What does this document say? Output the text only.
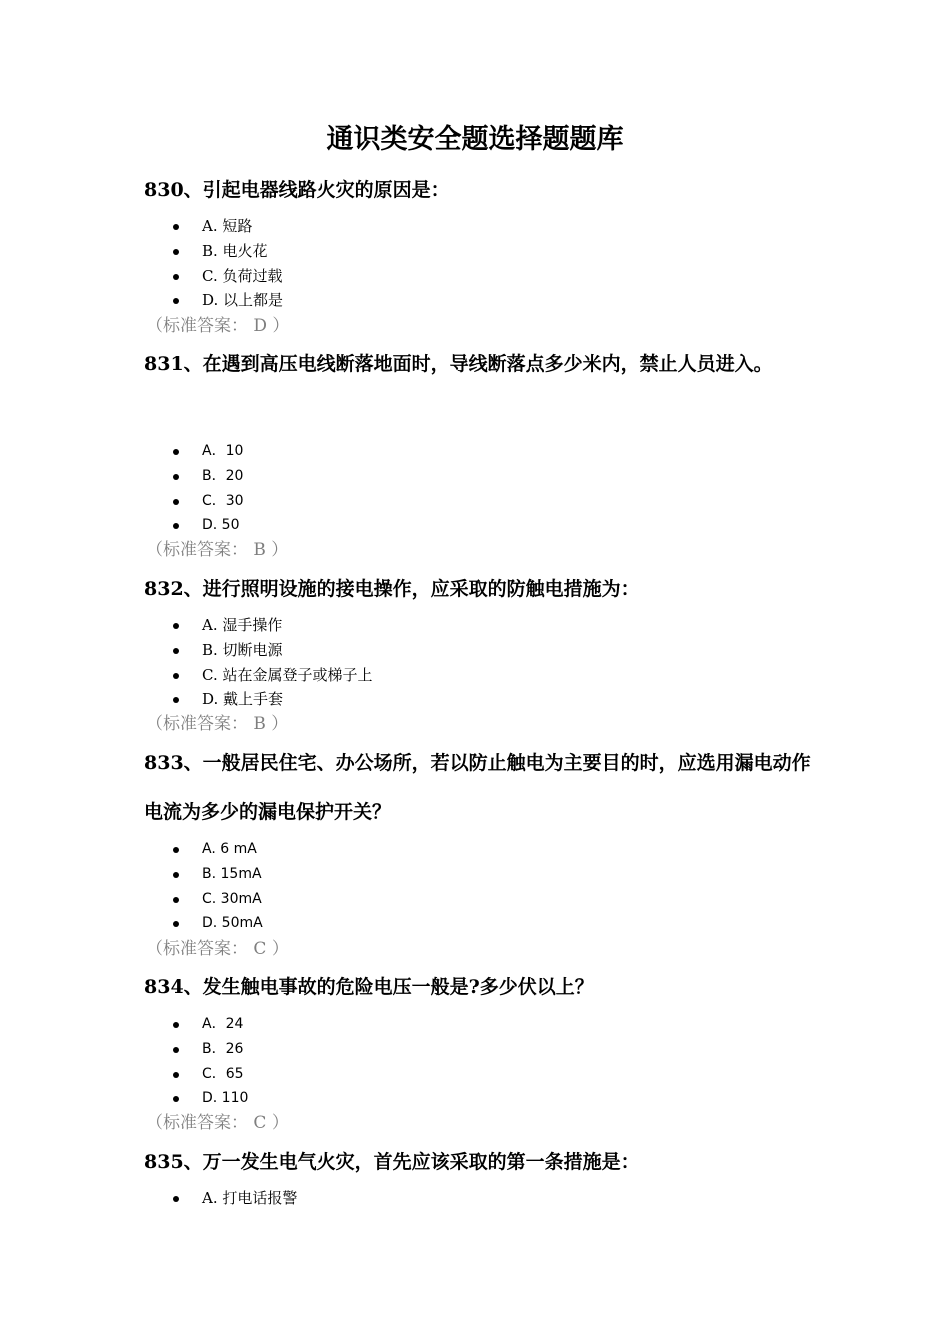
通识类安全题选择题题库
830、引起电器线路火灾的原因是：
A. 短路
B. 电火花
C. 负荷过载
D. 以上都是
（标准答案： D ）
831、在遇到高压电线断落地面时，导线断落点多少米内，禁止人员进入。
A．10
B．20
C．30
D. 50
（标准答案： B ）
832、进行照明设施的接电操作，应采取的防触电措施为：
A. 湿手操作
B. 切断电源
C. 站在金属登子或梯子上
D. 戴上手套
（标准答案： B ）
833、一般居民住宅、办公场所，若以防止触电为主要目的时，应选用漏电动作电流为多少的漏电保护开关？
A. 6 mA
B. 15mA
C. 30mA
D. 50mA
（标准答案： C ）
834、发生触电事故的危险电压一般是?多少伏以上？
A．24
B．26
C．65
D. 110
（标准答案： C ）
835、万一发生电气火灾，首先应该采取的第一条措施是：
A. 打电话报警
